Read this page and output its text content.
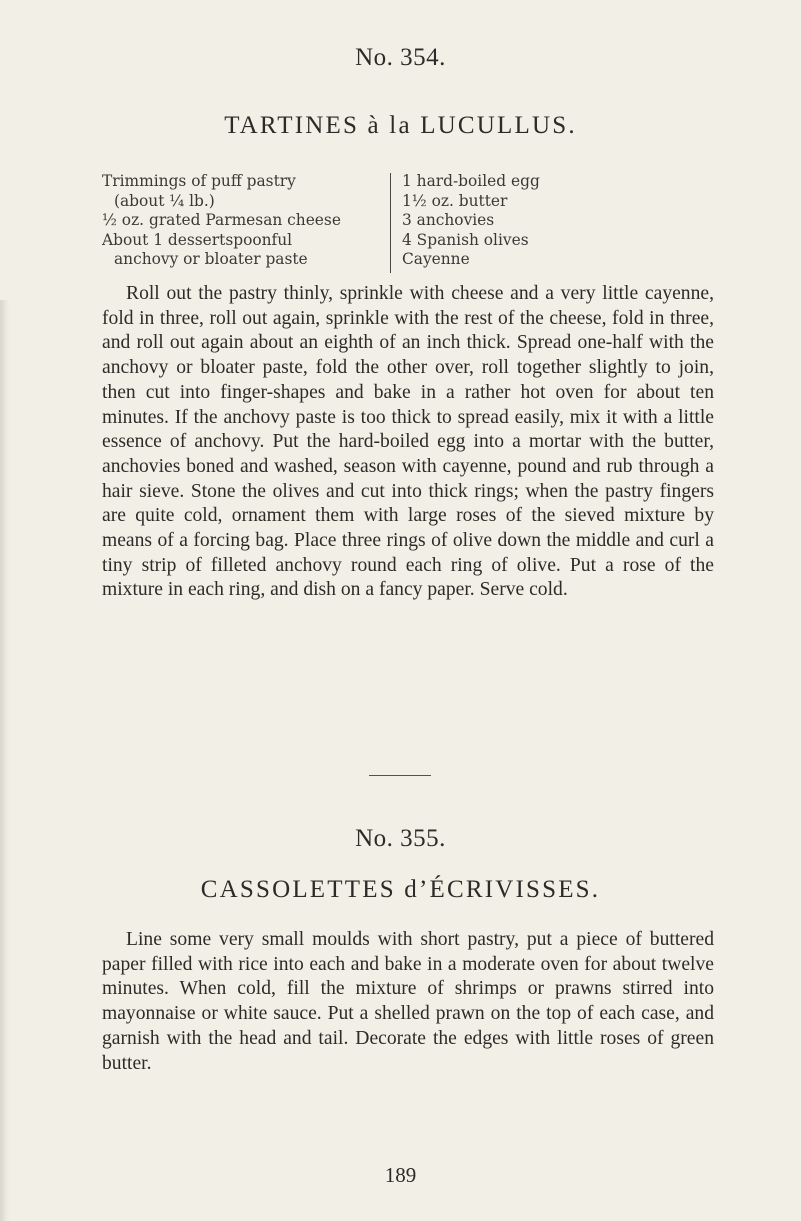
No. 354.
TARTINES à la LUCULLUS.
Trimmings of puff pastry
(about ¼ lb.)
½ oz. grated Parmesan cheese
About 1 dessertspoonful
anchovy or bloater paste
1 hard-boiled egg
1½ oz. butter
3 anchovies
4 Spanish olives
Cayenne

Roll out the pastry thinly, sprinkle with cheese and a very little cayenne, fold in three, roll out again, sprinkle with the rest of the cheese, fold in three, and roll out again about an eighth of an inch thick. Spread one-half with the anchovy or bloater paste, fold the other over, roll together slightly to join, then cut into finger-shapes and bake in a rather hot oven for about ten minutes. If the anchovy paste is too thick to spread easily, mix it with a little essence of anchovy. Put the hard-boiled egg into a mortar with the butter, anchovies boned and washed, season with cayenne, pound and rub through a hair sieve. Stone the olives and cut into thick rings; when the pastry fingers are quite cold, ornament them with large roses of the sieved mixture by means of a forcing bag. Place three rings of olive down the middle and curl a tiny strip of filleted anchovy round each ring of olive. Put a rose of the mixture in each ring, and dish on a fancy paper. Serve cold.

No. 355.
CASSOLETTES d’ÉCRIVISSES.

Line some very small moulds with short pastry, put a piece of buttered paper filled with rice into each and bake in a moderate oven for about twelve minutes. When cold, fill the mixture of shrimps or prawns stirred into mayonnaise or white sauce. Put a shelled prawn on the top of each case, and garnish with the head and tail. Decorate the edges with little roses of green butter.

189
